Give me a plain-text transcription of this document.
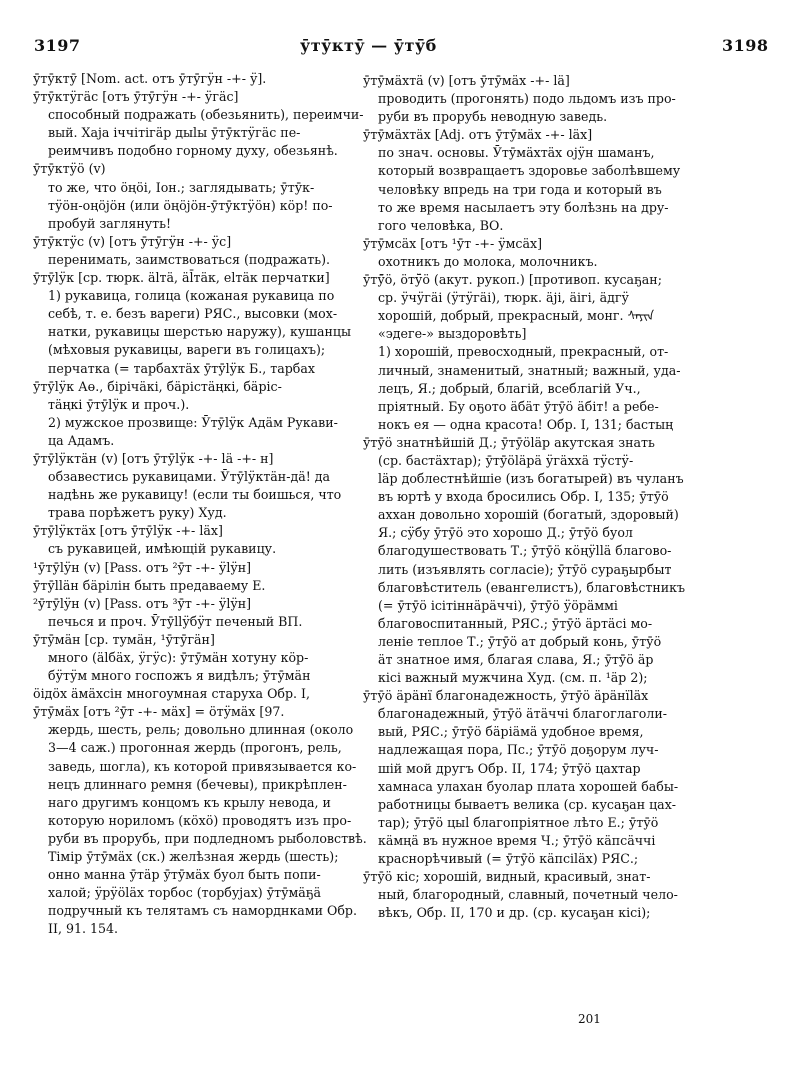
3197	ӯтӯктӯ — ӯтӯ̄б	3198

ӯтӯктӯ [Nom. act. отъ ӯтӯгӱн -+- ӱ].

ӯтӯктӱгӓс [отъ ӯтӯгӱн -+- ӱгӓс]

способный подражать (обезьянить), переимчи-

вый. Хаjа іччітігäр дыlы ӯтӯктӱгäс пе-

реимчивъ подобно горному духу, обезьянѣ.

ӯтӯктӱӧ (v)

то же, что ӧңӧі, Іон.; заглядывать; ӯтӯк-

тӱӧн-оңӧјӧн (или ӧңӧјӧн-ӯтӯктӱӧн) кӧр! по-

пробуй заглянуть!

ӯтӯктӱс (v) [отъ ӯтӯгӱн -+- ӱс]

перенимать, заимствоваться (подражать).

ӯтӯlӱк [ср. тюрк. älтä, äl̄тäк, elтäк перчатки]

1) рукавица, голица (кожаная рукавица по

себѣ, т. е. безъ вареги) РЯС., высовки (мох-

натки, рукавицы шерстью наружу), кушанцы

(мѣховыя рукавицы, вареги въ голицахъ);

перчатка (= тарбахтӓх ӯтӯlӱк Б., тарбах

ӯтӯlӱк Аө., бірічäкі, бäрістäңкі, бäріс-

тäңкі ӯтӯlӱк и проч.).

2) мужское прозвище: Ӯтӯlӱк Адӓм Рукави-

ца Адамъ.

ӯтӯlӱктäн (v) [отъ ӯтӯlӱк -+- lä -+- н]

обзавестись рукавицами. Ӯтӯlӱктäн-дä! да

надѣнь же рукавицу! (если ты боишься, что

трава порѣжетъ руку) Худ.

ӯтӯlӱктäх [отъ ӯтӯlӱк -+- lӓх]

съ рукавицей, имѣющій рукавицу.

¹ӯтӯlӱн (v) [Pass. отъ ²ӯт -+- ӱlӱн]

ӯтӯllӓн бäрілін быть предаваему Е.

²ӯтӯlӱн (v) [Pass. отъ ³ӯт -+- ӱlӱн]

печься и проч. Ӯтӯllӱбӱт печеный ВП.

ӯтӯмäн [ср. тумäн, ¹ӯтӯгäн]

много (älбäх, ӱгӱс): ӯтӯмäн хотуну кӧр-

бӱтӱм много госпожъ я видѣлъ; ӯтӯмäн

ӧiдӧх äмäхсін многоумная старуха Обр. I,

ӯтӯмäх [отъ ²ӯт -+- мäх] = ӧтӱмäх [97.

жердь, шесть, рель; довольно длинная (около

3—4 саж.) прогонная жердь (прогонъ, рель,

заведь, шогла), къ которой привязывается ко-

нецъ длиннаго ремня (бечевы), прикрѣплен-

наго другимъ концомъ къ крылу невода, и

которую нориломъ (кӧхӧ) проводятъ изъ про-

руби въ прорубь, при подледномъ рыболовствѣ.

Тімір ӯтӯмäх (ск.) желѣзная жердь (шесть);

онно манна ӯтäр ӯтӯмäх буол быть попи-

халой; ӱрӱӧlӓх торбос (торбуjах) ӯтӯмäҕä

подручный къ телятамъ съ наморднками Обр.

II, 91. 154.

ӯтӯмäхтä (v) [отъ ӯтӯмäх -+- lä]

проводить (прогонять) подо льдомъ изъ про-

руби въ прорубь неводную заведь.

ӯтӯмäхтäх [Adj. отъ ӯтӯмäх -+- lӓх]

по знач. основы. Ӯтӯмäхтäх ојӱн шаманъ,

который возвращаетъ здоровье заболѣвшему

человѣку впредь на три года и который въ

то же время насылаетъ эту болѣзнь на дру-

гого человѣка, ВО.

ӯтӯмсäх [отъ ¹ӯт -+- ӱмсäх]

охотникъ до молока, молочникъ.

ӯтӯ̄ӧ, ӧтӱ̄ӧ (акут. рукоп.) [противоп. кусаҕан;

ср. ӱчӱгäі (ӱтӱгäі), тюрк. äjі, äiгі, äдгӱ

хорошій, добрый, прекрасный, монг. ᠰᠠᠶᠢᠨ

«эдеге-» выздоровѣть]

1) хорошій, превосходный, прекрасный, от-

личный, знаменитый, знатный; важный, уда-

лецъ, Я.; добрый, благій, всеблагій Уч.,

пріятный. Бу оҕото äбäт ӯтӯӧ äбіт! а ребе-

нокъ ея — одна красота! Обр. I, 131; бастың

ӯтӯӧ знатнѣйшій Д.; ӯтӯӧlӓр акутская знать

(ср. бастäхтар); ӯтӯӧlӓрä ӱгäххä тӱстӱ-

lӓр доблестнѣйшіе (изъ богатырей) въ чуланъ

въ юртѣ у входа бросились Обр. I, 135; ӯтӯӧ

аххан довольно хорошій (богатый, здоровый)

Я.; сӱбу ӯтӯӧ это хорошо Д.; ӯтӯӧ буол

благодушествовать Т.; ӯтӯӧ кӧңӱllӓ благово-

лить (изъявлять согласіе); ӯтӯӧ сураҕырбыт

благовѣститель (евангелистъ), благовѣстникъ

(= ӯтӯӧ ісітіннäрäччі), ӯтӯӧ ӱӧрäммі

благовоспитанный, РЯС.; ӯтӯӧ äртäсі мо-

леніе теплое Т.; ӯтӯӧ ат добрый конь, ӯтӯӧ

äт знатное имя, благая слава, Я.; ӯтӯӧ äр

кісі важный мужчина Худ. (см. п. ¹äр 2);

ӯтӯӧ äрäнї благонадежность, ӯтӯӧ äрäнїlӓх

благонадежный, ӯтӯӧ äтäччі благоглаголи-

вый, РЯС.; ӯтӯӧ бäріäмä удобное время,

надлежащая пора, Пс.; ӯтӯӧ доҕорум луч-

шій мой другъ Обр. II, 174; ӯтӯӧ цахтар

хамнаса улахан буолар плата хорошей бабы-

работницы бываетъ велика (ср. кусаҕан цах-

тар); ӯтӯӧ цыl благопріятное лѣто Е.; ӯтӯӧ

кäмңä въ нужное время Ч.; ӯтӯӧ кäпсäччі

краснорѣчивый (= ӯтӯӧ кäпсіlӓх) РЯС.;

ӯтӯӧ кіс; хорошій, видный, красивый, знат-

ный, благородный, славный, почетный чело-

вѣкъ, Обр. II, 170 и др. (ср. кусаҕан кісі);

201
